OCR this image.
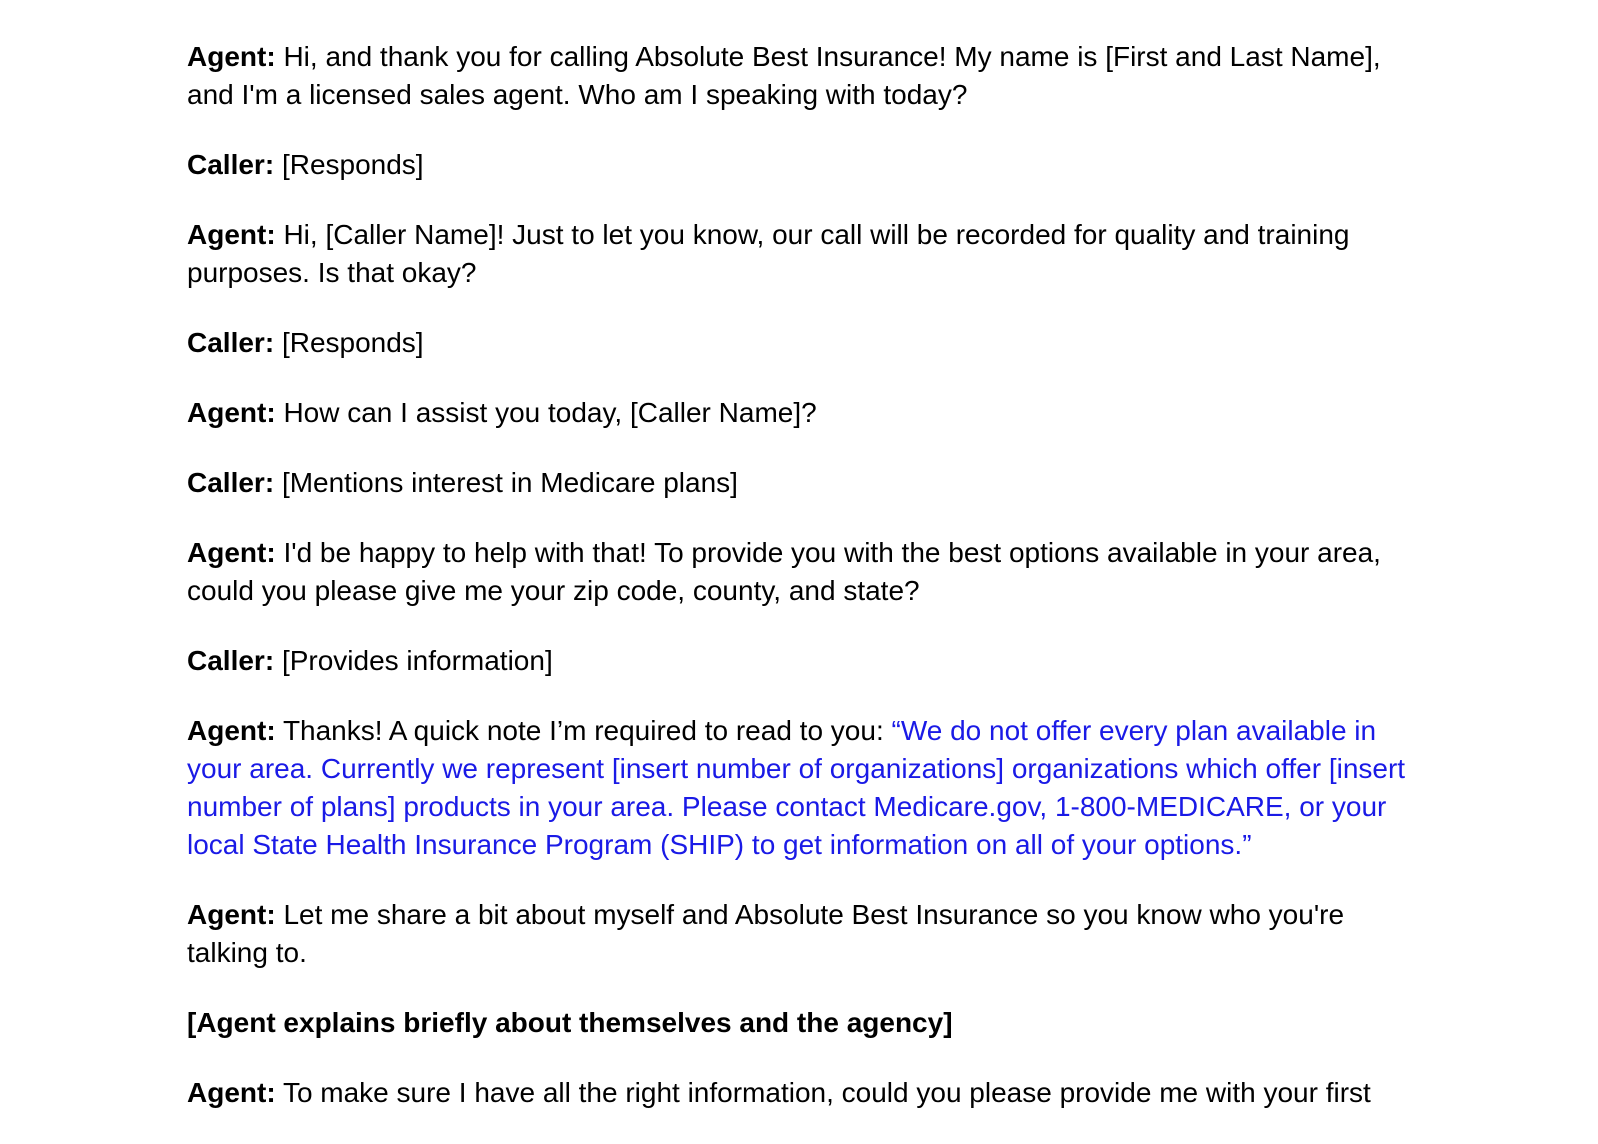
Agent: Hi, and thank you for calling Absolute Best Insurance! My name is [First and Last Name], and I'm a licensed sales agent. Who am I speaking with today?

Caller: [Responds]

Agent: Hi, [Caller Name]! Just to let you know, our call will be recorded for quality and training purposes. Is that okay?

Caller: [Responds]

Agent: How can I assist you today, [Caller Name]?

Caller: [Mentions interest in Medicare plans]

Agent: I'd be happy to help with that! To provide you with the best options available in your area, could you please give me your zip code, county, and state?

Caller: [Provides information]

Agent: Thanks! A quick note I’m required to read to you: “We do not offer every plan available in your area. Currently we represent [insert number of organizations] organizations which offer [insert number of plans] products in your area. Please contact Medicare.gov, 1-800-MEDICARE, or your local State Health Insurance Program (SHIP) to get information on all of your options.”

Agent: Let me share a bit about myself and Absolute Best Insurance so you know who you're talking to.

[Agent explains briefly about themselves and the agency]

Agent: To make sure I have all the right information, could you please provide me with your first
